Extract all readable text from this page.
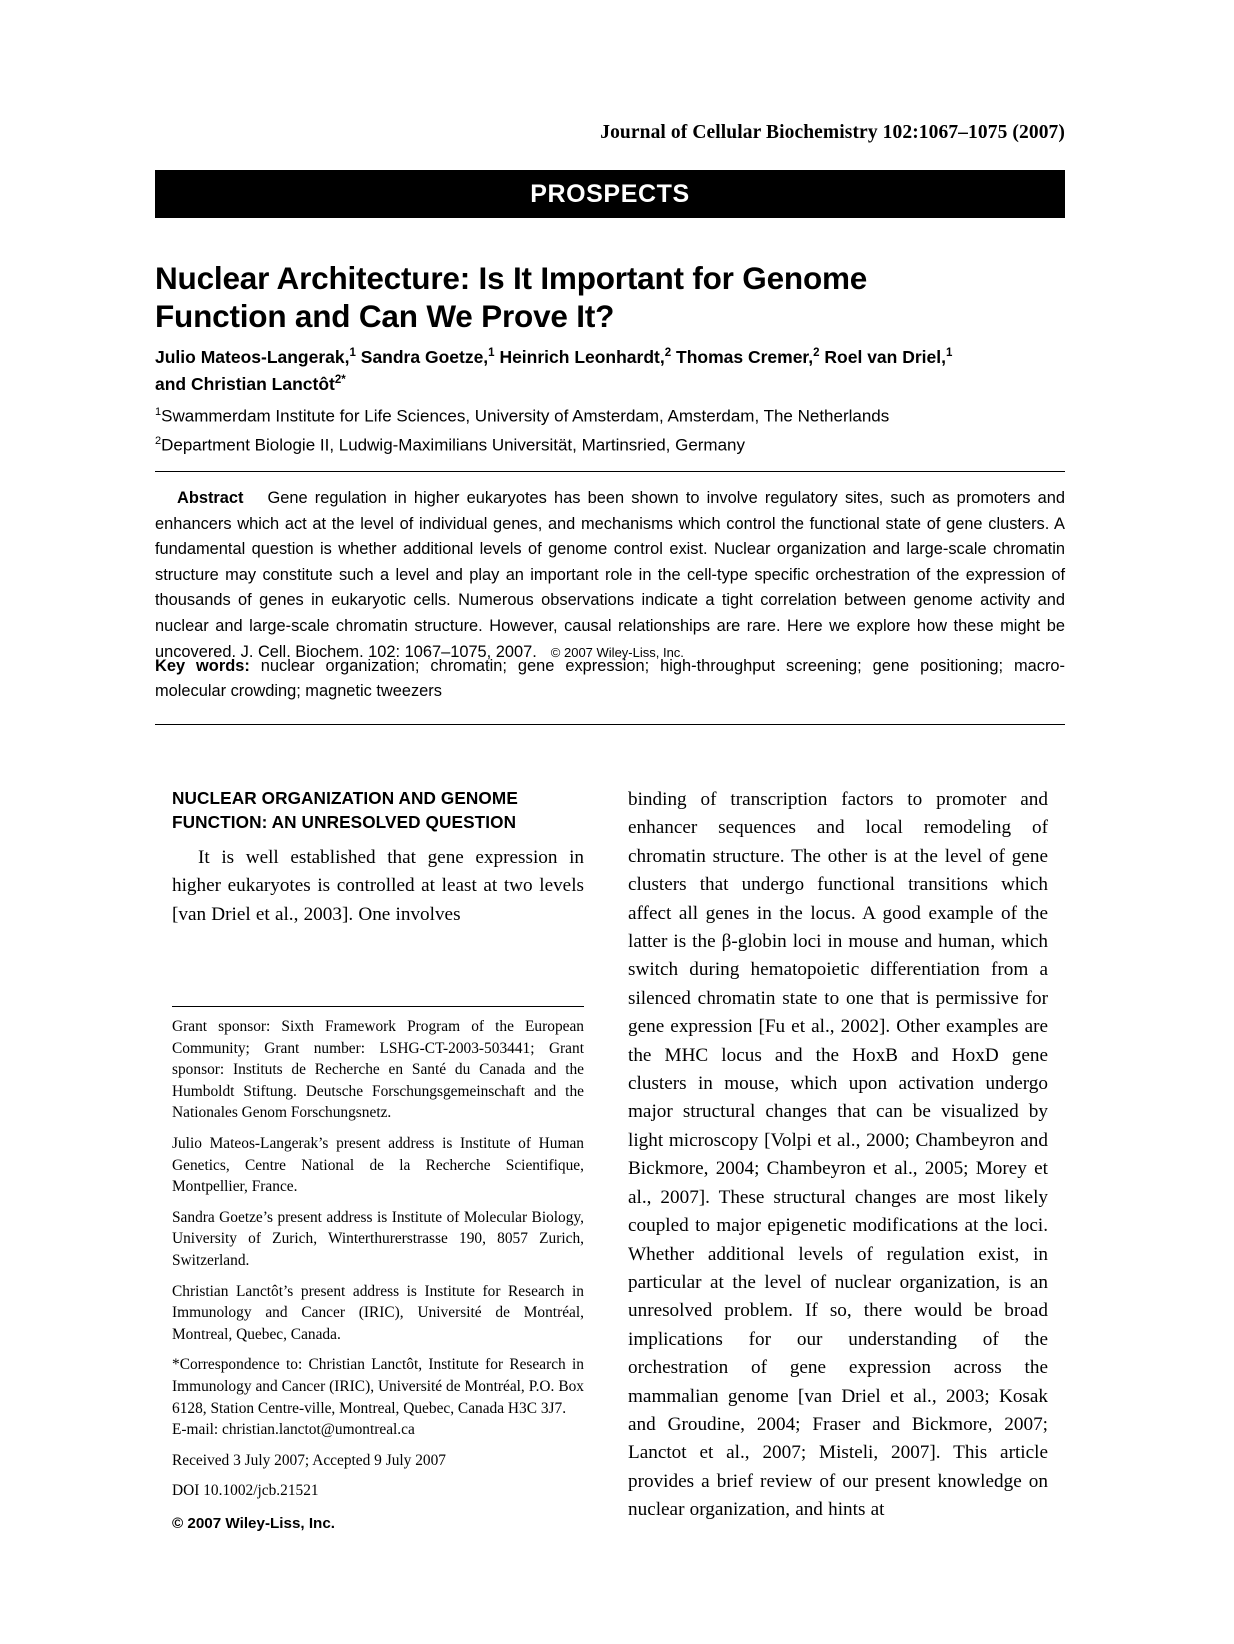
Journal of Cellular Biochemistry 102:1067–1075 (2007)
PROSPECTS
Nuclear Architecture: Is It Important for Genome Function and Can We Prove It?
Julio Mateos-Langerak,$^1$ Sandra Goetze,$^1$ Heinrich Leonhardt,$^2$ Thomas Cremer,$^2$ Roel van Driel,$^1$
and Christian Lanctôt$^{2*}$
$^1$Swammerdam Institute for Life Sciences, University of Amsterdam, Amsterdam, The Netherlands
$^2$Department Biologie II, Ludwig-Maximilians Universität, Martinsried, Germany
Abstract Gene regulation in higher eukaryotes has been shown to involve regulatory sites, such as promoters and enhancers which act at the level of individual genes, and mechanisms which control the functional state of gene clusters. A fundamental question is whether additional levels of genome control exist. Nuclear organization and large-scale chromatin structure may constitute such a level and play an important role in the cell-type specific orchestration of the expression of thousands of genes in eukaryotic cells. Numerous observations indicate a tight correlation between genome activity and nuclear and large-scale chromatin structure. However, causal relationships are rare. Here we explore how these might be uncovered. J. Cell. Biochem. 102: 1067–1075, 2007. © 2007 Wiley-Liss, Inc.
Key words: nuclear organization; chromatin; gene expression; high-throughput screening; gene positioning; macro-molecular crowding; magnetic tweezers
NUCLEAR ORGANIZATION AND GENOME FUNCTION: AN UNRESOLVED QUESTION

It is well established that gene expression in higher eukaryotes is controlled at least at two levels [van Driel et al., 2003]. One involves

binding of transcription factors to promoter and enhancer sequences and local remodeling of chromatin structure. The other is at the level of gene clusters that undergo functional transitions which affect all genes in the locus. A good example of the latter is the β-globin loci in mouse and human, which switch during hematopoietic differentiation from a silenced chromatin state to one that is permissive for gene expression [Fu et al., 2002]. Other examples are the MHC locus and the HoxB and HoxD gene clusters in mouse, which upon activation undergo major structural changes that can be visualized by light microscopy [Volpi et al., 2000; Chambeyron and Bickmore, 2004; Chambeyron et al., 2005; Morey et al., 2007]. These structural changes are most likely coupled to major epigenetic modifications at the loci. Whether additional levels of regulation exist, in particular at the level of nuclear organization, is an unresolved problem. If so, there would be broad implications for our understanding of the orchestration of gene expression across the mammalian genome [van Driel et al., 2003; Kosak and Groudine, 2004; Fraser and Bickmore, 2007; Lanctot et al., 2007; Misteli, 2007]. This article provides a brief review of our present knowledge on nuclear organization, and hints at

Grant sponsor: Sixth Framework Program of the European Community; Grant number: LSHG-CT-2003-503441; Grant sponsor: Instituts de Recherche en Santé du Canada and the Humboldt Stiftung. Deutsche Forschungsgemeinschaft and the Nationales Genom Forschungsnetz.

Julio Mateos-Langerak’s present address is Institute of Human Genetics, Centre National de la Recherche Scientifique, Montpellier, France.

Sandra Goetze’s present address is Institute of Molecular Biology, University of Zurich, Winterthurerstrasse 190, 8057 Zurich, Switzerland.

Christian Lanctôt’s present address is Institute for Research in Immunology and Cancer (IRIC), Université de Montréal, Montreal, Quebec, Canada.

*Correspondence to: Christian Lanctôt, Institute for Research in Immunology and Cancer (IRIC), Université de Montréal, P.O. Box 6128, Station Centre-ville, Montreal, Quebec, Canada H3C 3J7.

E-mail: christian.lanctot@umontreal.ca

Received 3 July 2007; Accepted 9 July 2007

DOI 10.1002/jcb.21521

© 2007 Wiley-Liss, Inc.
